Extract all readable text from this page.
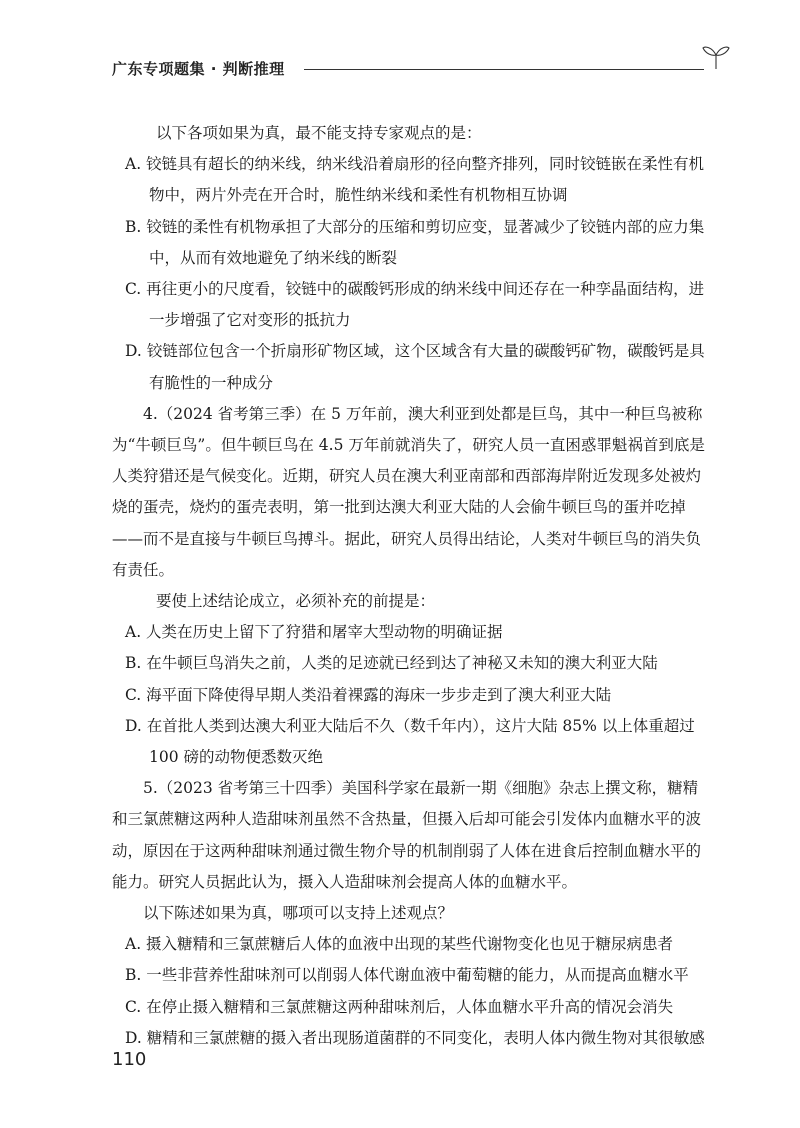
广东专项题集 · 判断推理

以下各项如果为真，最不能支持专家观点的是：

A. 铰链具有超长的纳米线，纳米线沿着扇形的径向整齐排列，同时铰链嵌在柔性有机物中，两片外壳在开合时，脆性纳米线和柔性有机物相互协调

B. 铰链的柔性有机物承担了大部分的压缩和剪切应变，显著减少了铰链内部的应力集中，从而有效地避免了纳米线的断裂

C. 再往更小的尺度看，铰链中的碳酸钙形成的纳米线中间还存在一种孪晶面结构，进一步增强了它对变形的抵抗力

D. 铰链部位包含一个折扇形矿物区域，这个区域含有大量的碳酸钙矿物，碳酸钙是具有脆性的一种成分

4.（2024 省考第三季）在 5 万年前，澳大利亚到处都是巨鸟，其中一种巨鸟被称为“牛顿巨鸟”。但牛顿巨鸟在 4.5 万年前就消失了，研究人员一直困惑罪魁祸首到底是人类狩猎还是气候变化。近期，研究人员在澳大利亚南部和西部海岸附近发现多处被灼烧的蛋壳，烧灼的蛋壳表明，第一批到达澳大利亚大陆的人会偷牛顿巨鸟的蛋并吃掉——而不是直接与牛顿巨鸟搏斗。据此，研究人员得出结论，人类对牛顿巨鸟的消失负有责任。

要使上述结论成立，必须补充的前提是：

A. 人类在历史上留下了狩猎和屠宰大型动物的明确证据

B. 在牛顿巨鸟消失之前，人类的足迹就已经到达了神秘又未知的澳大利亚大陆

C. 海平面下降使得早期人类沿着裸露的海床一步步走到了澳大利亚大陆

D. 在首批人类到达澳大利亚大陆后不久（数千年内），这片大陆 85% 以上体重超过 100 磅的动物便悉数灭绝

5.（2023 省考第三十四季）美国科学家在最新一期《细胞》杂志上撰文称，糖精和三氯蔗糖这两种人造甜味剂虽然不含热量，但摄入后却可能会引发体内血糖水平的波动，原因在于这两种甜味剂通过微生物介导的机制削弱了人体在进食后控制血糖水平的能力。研究人员据此认为，摄入人造甜味剂会提高人体的血糖水平。

以下陈述如果为真，哪项可以支持上述观点？

A. 摄入糖精和三氯蔗糖后人体的血液中出现的某些代谢物变化也见于糖尿病患者

B. 一些非营养性甜味剂可以削弱人体代谢血液中葡萄糖的能力，从而提高血糖水平

C. 在停止摄入糖精和三氯蔗糖这两种甜味剂后，人体血糖水平升高的情况会消失

D. 糖精和三氯蔗糖的摄入者出现肠道菌群的不同变化，表明人体内微生物对其很敏感

110
